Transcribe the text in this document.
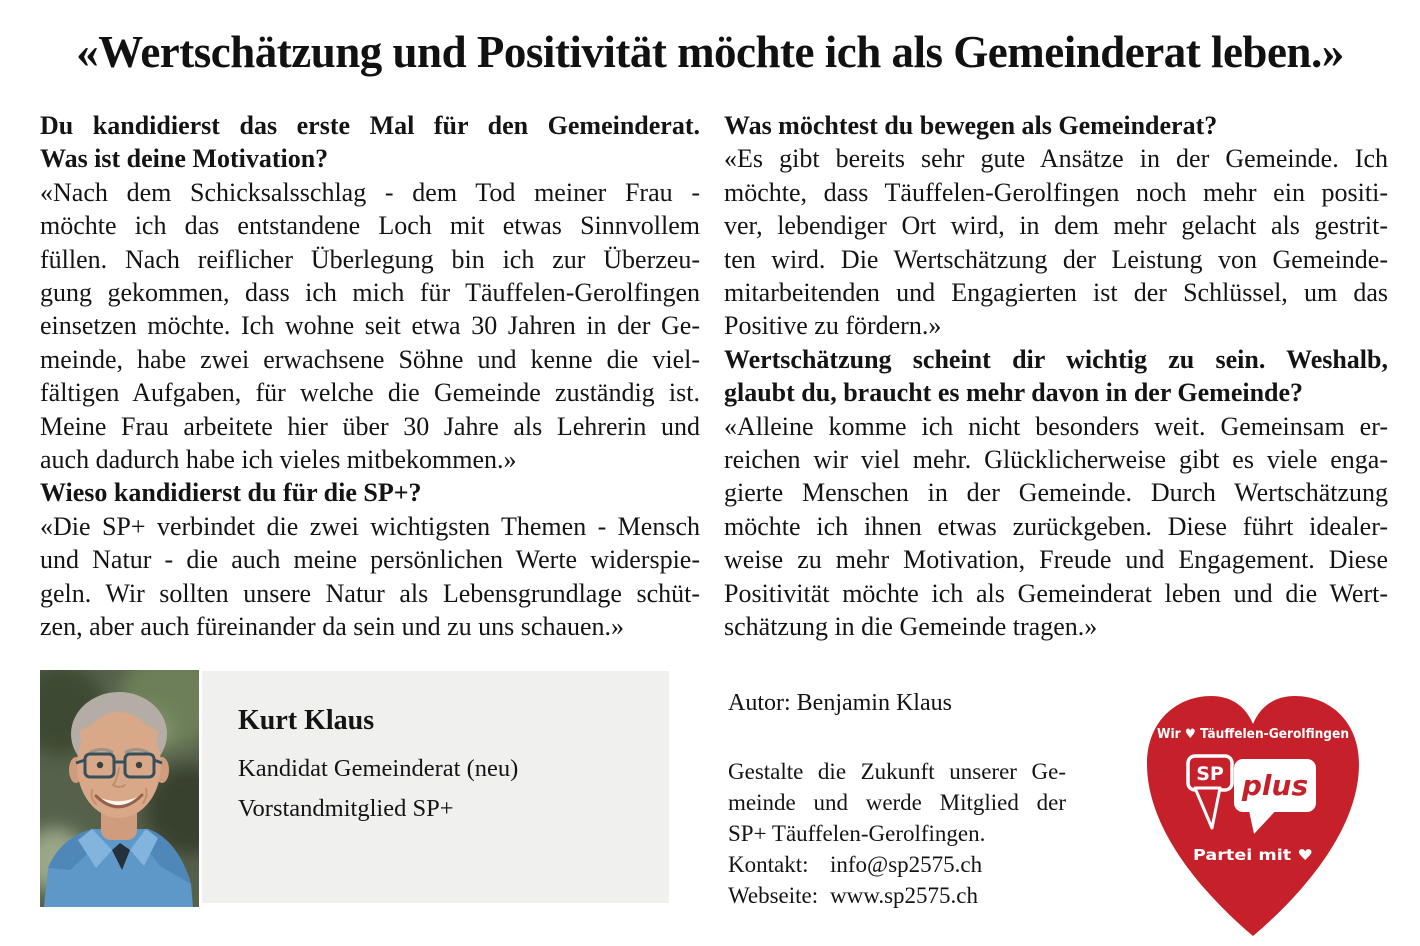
«Wertschätzung und Positivität möchte ich als Gemeinderat leben.»
Du kandidierst das erste Mal für den Gemeinderat.
Was ist deine Motivation?
«Nach dem Schicksalsschlag - dem Tod meiner Frau -
möchte ich das entstandene Loch mit etwas Sinnvollem
füllen. Nach reiflicher Überlegung bin ich zur Überzeu-
gung gekommen, dass ich mich für Täuffelen-Gerolfingen
einsetzen möchte. Ich wohne seit etwa 30 Jahren in der Ge-
meinde, habe zwei erwachsene Söhne und kenne die viel-
fältigen Aufgaben, für welche die Gemeinde zuständig ist.
Meine Frau arbeitete hier über 30 Jahre als Lehrerin und
auch dadurch habe ich vieles mitbekommen.»
Wieso kandidierst du für die SP+?
«Die SP+ verbindet die zwei wichtigsten Themen - Mensch
und Natur - die auch meine persönlichen Werte widerspie-
geln. Wir sollten unsere Natur als Lebensgrundlage schüt-
zen, aber auch füreinander da sein und zu uns schauen.»
Was möchtest du bewegen als Gemeinderat?
«Es gibt bereits sehr gute Ansätze in der Gemeinde. Ich
möchte, dass Täuffelen-Gerolfingen noch mehr ein positi-
ver, lebendiger Ort wird, in dem mehr gelacht als gestrit-
ten wird. Die Wertschätzung der Leistung von Gemeinde-
mitarbeitenden und Engagierten ist der Schlüssel, um das
Positive zu fördern.»
Wertschätzung scheint dir wichtig zu sein. Weshalb,
glaubt du, braucht es mehr davon in der Gemeinde?
«Alleine komme ich nicht besonders weit. Gemeinsam er-
reichen wir viel mehr. Glücklicherweise gibt es viele enga-
gierte Menschen in der Gemeinde. Durch Wertschätzung
möchte ich ihnen etwas zurückgeben. Diese führt idealer-
weise zu mehr Motivation, Freude und Engagement. Diese
Positivität möchte ich als Gemeinderat leben und die Wert-
schätzung in die Gemeinde tragen.»
Kurt Klaus
Kandidat Gemeinderat (neu)
Vorstandmitglied SP+
Autor: Benjamin Klaus
Gestalte die Zukunft unserer Ge-
meinde und werde Mitglied der
SP+ Täuffelen-Gerolfingen.
Kontakt: info@sp2575.ch
Webseite: www.sp2575.ch
Wir ♥ Täuffelen-Gerolfingen
SP plus
Partei mit ♥
